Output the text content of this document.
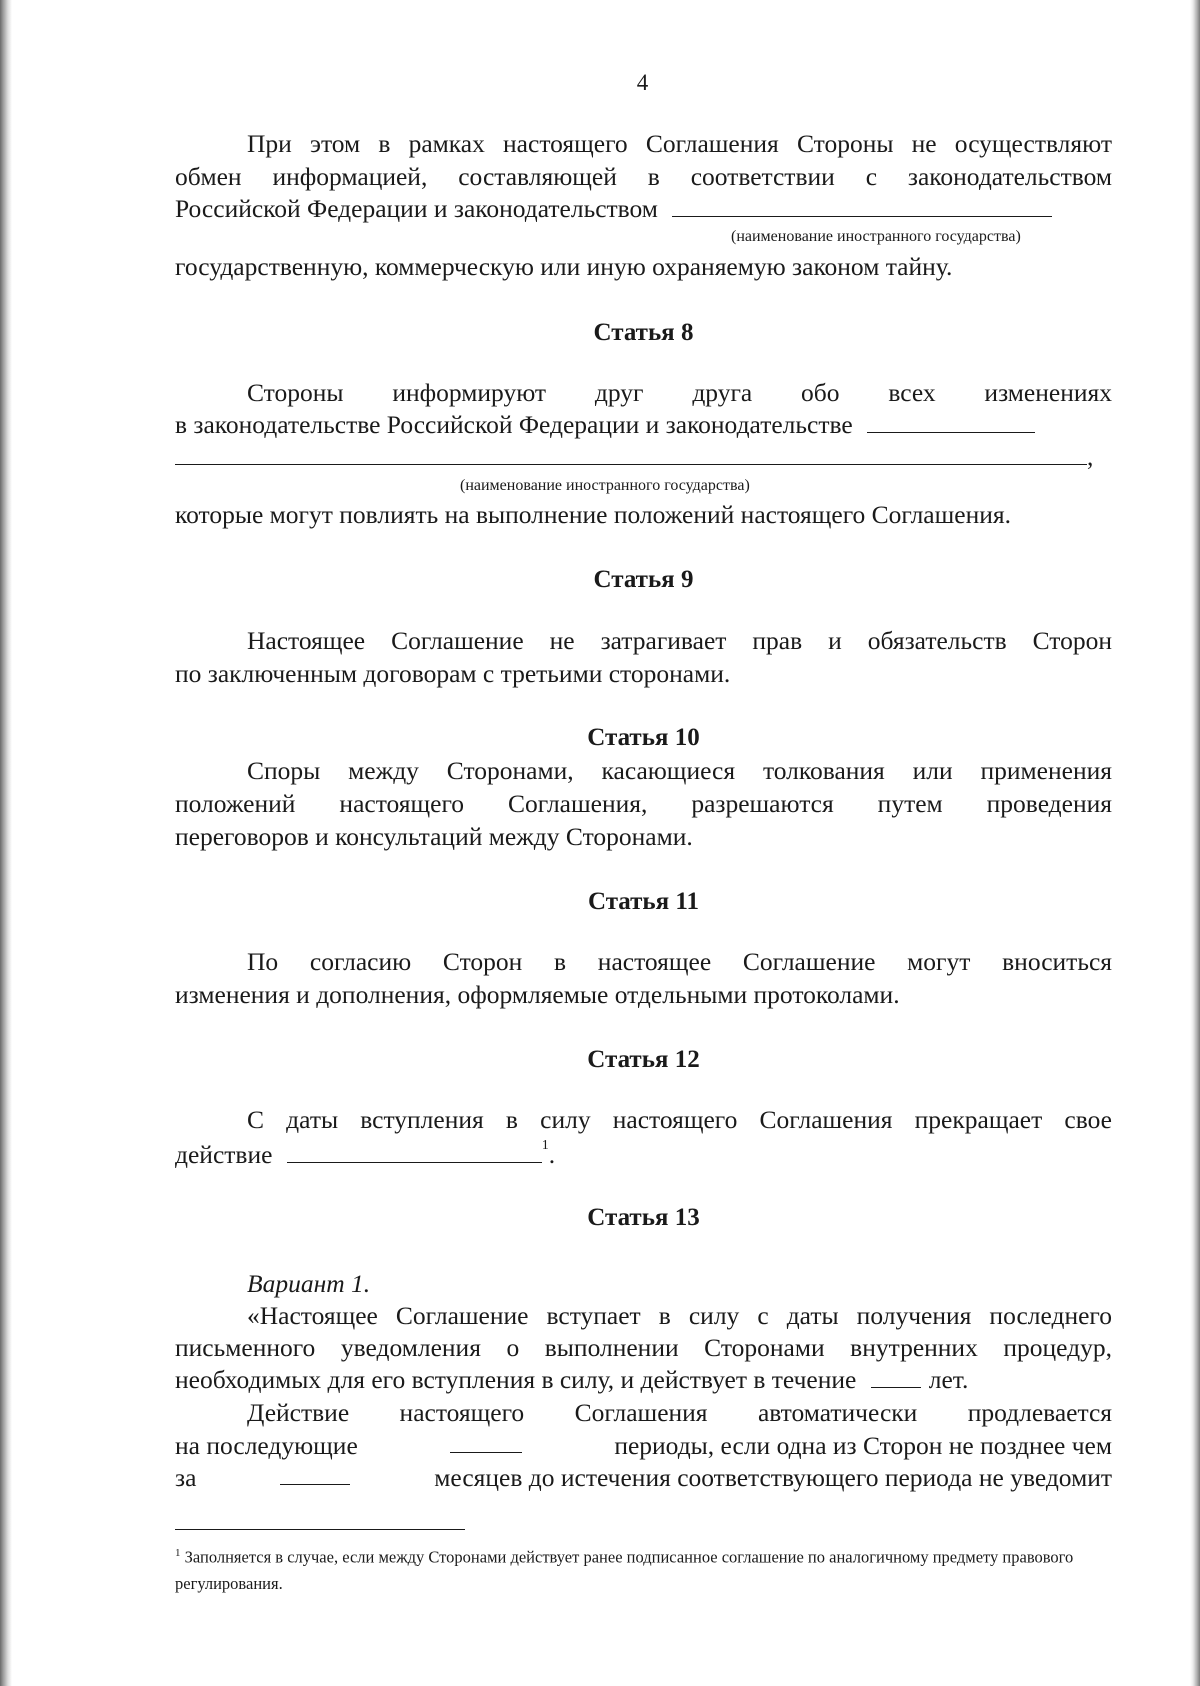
4
При этом в рамках настоящего Соглашения Стороны не осуществляют
обмен информацией, составляющей в соответствии с законодательством
Российской Федерации и законодательством
(наименование иностранного государства)
государственную, коммерческую или иную охраняемую законом тайну.
Статья 8
Стороны информируют друг друга обо всех изменениях
в законодательстве Российской Федерации и законодательстве
,
(наименование иностранного государства)
которые могут повлиять на выполнение положений настоящего Соглашения.
Статья 9
Настоящее Соглашение не затрагивает прав и обязательств Сторон
по заключенным договорам с третьими сторонами.
Статья 10
Споры между Сторонами, касающиеся толкования или применения
положений настоящего Соглашения, разрешаются путем проведения
переговоров и консультаций между Сторонами.
Статья 11
По согласию Сторон в настоящее Соглашение могут вноситься
изменения и дополнения, оформляемые отдельными протоколами.
Статья 12
С даты вступления в силу настоящего Соглашения прекращает свое
действие	$^1$.
Статья 13
Вариант 1.
«Настоящее Соглашение вступает в силу с даты получения последнего
письменного уведомления о выполнении Сторонами внутренних процедур,
необходимых для его вступления в силу, и действует в течение	лет.
Действие настоящего Соглашения автоматически продлевается
на последующие	периоды, если одна из Сторон не позднее чем
за	месяцев до истечения соответствующего периода не уведомит
$^1$ Заполняется в случае, если между Сторонами действует ранее подписанное соглашение по аналогичному предмету правового регулирования.
